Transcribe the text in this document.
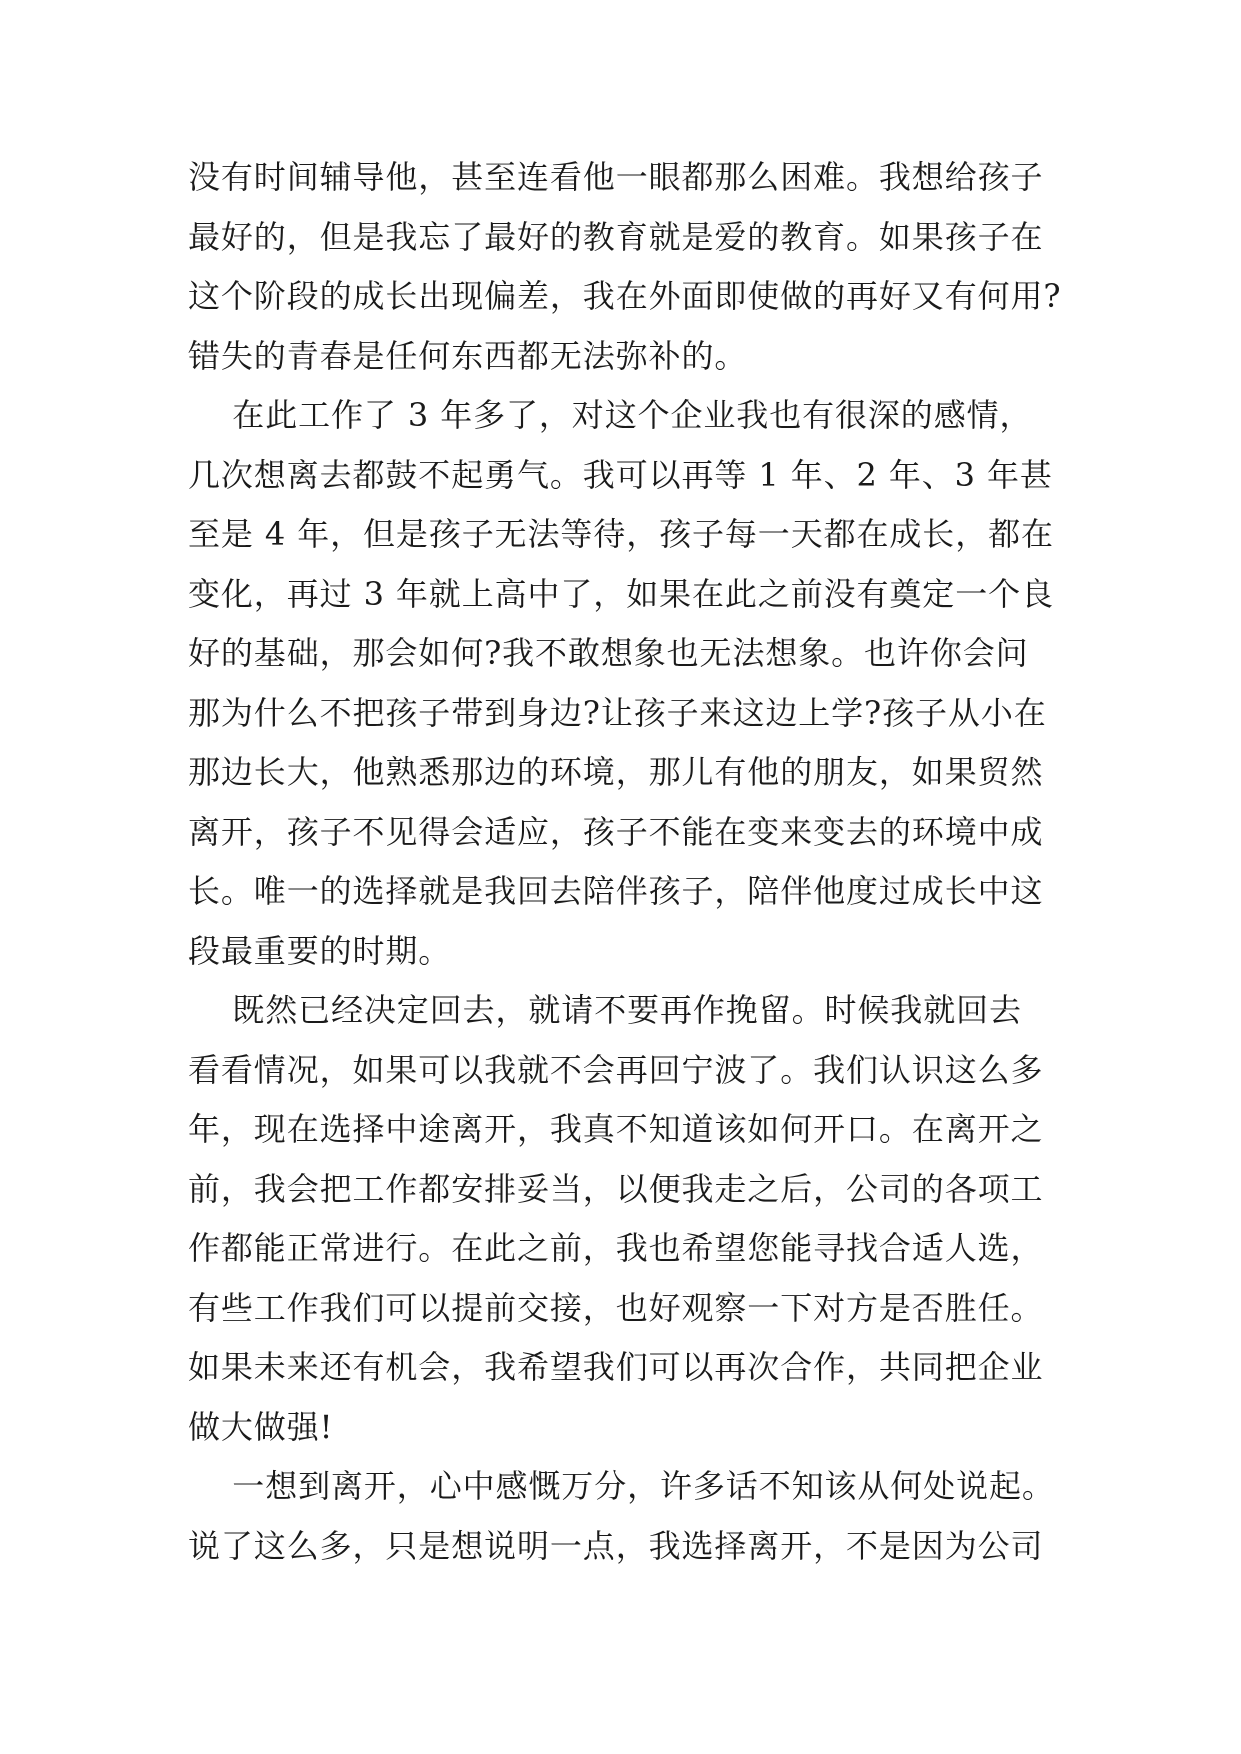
没有时间辅导他，甚至连看他一眼都那么困难。我想给孩子
最好的，但是我忘了最好的教育就是爱的教育。如果孩子在
这个阶段的成长出现偏差，我在外面即使做的再好又有何用?
错失的青春是任何东西都无法弥补的。
在此工作了 3 年多了，对这个企业我也有很深的感情，
几次想离去都鼓不起勇气。我可以再等 1 年、2 年、3 年甚
至是 4 年，但是孩子无法等待，孩子每一天都在成长，都在
变化，再过 3 年就上高中了，如果在此之前没有奠定一个良
好的基础，那会如何?我不敢想象也无法想象。也许你会问
那为什么不把孩子带到身边?让孩子来这边上学?孩子从小在
那边长大，他熟悉那边的环境，那儿有他的朋友，如果贸然
离开，孩子不见得会适应，孩子不能在变来变去的环境中成
长。唯一的选择就是我回去陪伴孩子，陪伴他度过成长中这
段最重要的时期。
既然已经决定回去，就请不要再作挽留。时候我就回去
看看情况，如果可以我就不会再回宁波了。我们认识这么多
年，现在选择中途离开，我真不知道该如何开口。在离开之
前，我会把工作都安排妥当，以便我走之后，公司的各项工
作都能正常进行。在此之前，我也希望您能寻找合适人选，
有些工作我们可以提前交接，也好观察一下对方是否胜任。
如果未来还有机会，我希望我们可以再次合作，共同把企业
做大做强!
一想到离开，心中感慨万分，许多话不知该从何处说起。
说了这么多，只是想说明一点，我选择离开，不是因为公司
